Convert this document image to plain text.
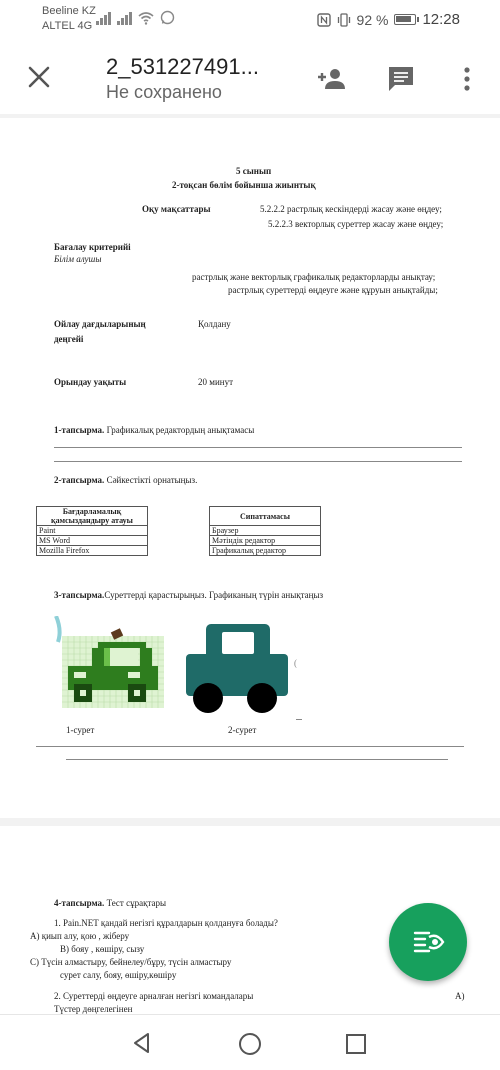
Beeline KZ
ALTEL 4G	92 % 12:28
2_531227491...
Не сохранено
5 сынып
2-тоқсан бөлім бойынша жиынтық
Оқу мақсаттары	5.2.2.2 растрлық кескіндерді жасау және өңдеу;
5.2.2.3 векторлық суреттер жасау және өңдеу;
Бағалау критерийі
Білім алушы
растрлық және векторлық графикалық редакторларды анықтау;
растрлық суреттерді өңдеуге және құруын анықтайды;
Ойлау дағдыларының
деңгейі
Қолдану
Орындау уақыты	20 минут
1-тапсырма. Графикалық редактордың анықтамасы
2-тапсырма. Сәйкестікті орнатыңыз.
Бағдарламалық
қамсыздандыру атауы
Paint
MS Word
Mozilla Firefox
Сипаттамасы
Браузер
Мәтіндік редактор
Графикалық редактор
3-тапсырма.Суреттерді қарастырыңыз. Графиканың түрін анықтаңыз
(
1-сурет	2-сурет
4-тапсырма. Тест сұрақтары
1. Pain.NET қандай негізгі құралдарын қолдануға болады?
А) қиып алу, қою , жіберу
В) бояу , көшіру, сызу
С) Түсін алмастыру, бейнелеу/бұру, түсін алмастыру
сурет салу, бояу, өшіру,көшіру
2. Суреттерді өңдеуге арналған негізгі командалары	А)
Түстер дөңгелегінен
